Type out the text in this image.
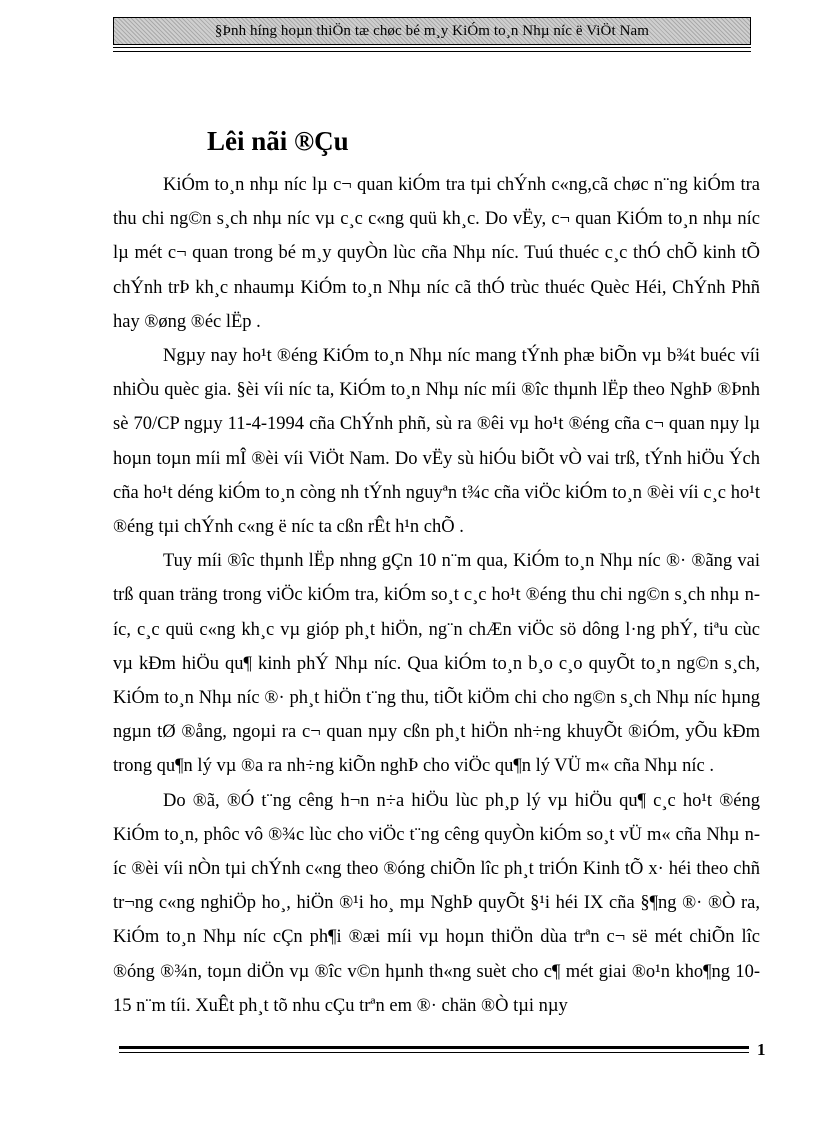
§Þnh híng hoµn thiÖn tæ chøc bé m¸y KiÓm to¸n Nhµ níc ë ViÖt Nam
Lêi nãi ®Çu

KiÓm to¸n nhµ níc lµ c¬ quan kiÓm tra tµi chÝnh c«ng,cã chøc n¨ng kiÓm tra thu chi ng©n s¸ch nhµ níc vµ c¸c c«ng quü kh¸c. Do vËy, c¬ quan KiÓm to¸n nhµ níc lµ mét c¬ quan trong bé m¸y quyÒn lùc cña Nhµ níc. Tuú thuéc c¸c thÓ chÕ kinh tÕ chÝnh trÞ kh¸c nhaumµ KiÓm to¸n Nhµ níc cã thÓ trùc thuéc Quèc Héi, ChÝnh Phñ hay ®øng ®éc lËp .

Ngµy nay ho¹t ®éng KiÓm to¸n Nhµ níc mang tÝnh phæ biÕn vµ b¾t buéc víi nhiÒu quèc gia. §èi víi níc ta, KiÓm to¸n Nhµ níc míi ®îc thµnh lËp theo NghÞ ®Þnh sè 70/CP ngµy 11-4-1994 cña ChÝnh phñ, sù ra ®êi vµ ho¹t ®éng cña c¬ quan nµy lµ hoµn toµn míi mÎ ®èi víi ViÖt Nam. Do vËy sù hiÓu biÕt vÒ vai trß, tÝnh hiÖu Ých cña ho¹t déng kiÓm to¸n còng nh tÝnh nguyªn t¾c cña viÖc kiÓm to¸n ®èi víi c¸c ho¹t ®éng tµi chÝnh c«ng ë níc ta cßn rÊt h¹n chÕ .

Tuy míi ®îc thµnh lËp nhng gÇn 10 n¨m qua, KiÓm to¸n Nhµ níc ®· ®ãng vai trß quan träng trong viÖc kiÓm tra, kiÓm so¸t c¸c ho¹t ®éng thu chi ng©n s¸ch nhµ níc, c¸c quü c«ng kh¸c vµ gióp ph¸t hiÖn, ng¨n chÆn viÖc sö dông l·ng phÝ, tiªu cùc vµ kÐm hiÖu qu¶ kinh phÝ Nhµ níc. Qua kiÓm to¸n b¸o c¸o quyÕt to¸n ng©n s¸ch, KiÓm to¸n Nhµ níc ®· ph¸t hiÖn t¨ng thu, tiÕt kiÖm chi cho ng©n s¸ch Nhµ níc hµng ngµn tØ ®ång, ngoµi ra c¬ quan nµy cßn ph¸t hiÖn nh÷ng khuyÕt ®iÓm, yÕu kÐm trong qu¶n lý vµ ®a ra nh÷ng kiÕn nghÞ cho viÖc qu¶n lý VÜ m« cña Nhµ níc .

Do ®ã, ®Ó t¨ng cêng h¬n n÷a hiÖu lùc ph¸p lý vµ hiÖu qu¶ c¸c ho¹t ®éng KiÓm to¸n, phôc vô ®¾c lùc cho viÖc t¨ng cêng quyÒn kiÓm so¸t vÜ m« cña Nhµ níc ®èi víi nÒn tµi chÝnh c«ng theo ®óng chiÕn lîc ph¸t triÓn Kinh tÕ x· héi theo chñ tr¬ng c«ng nghiÖp ho¸, hiÖn ®¹i ho¸ mµ NghÞ quyÕt §¹i héi IX cña §¶ng ®· ®Ò ra, KiÓm to¸n Nhµ níc cÇn ph¶i ®æi míi vµ hoµn thiÖn dùa trªn c¬ së mét chiÕn lîc ®óng ®¾n, toµn diÖn vµ ®îc v©n hµnh th«ng suèt cho c¶ mét giai ®o¹n kho¶ng 10-15 n¨m tíi. XuÊt ph¸t tõ nhu cÇu trªn em ®· chän ®Ò tµi nµy

1
